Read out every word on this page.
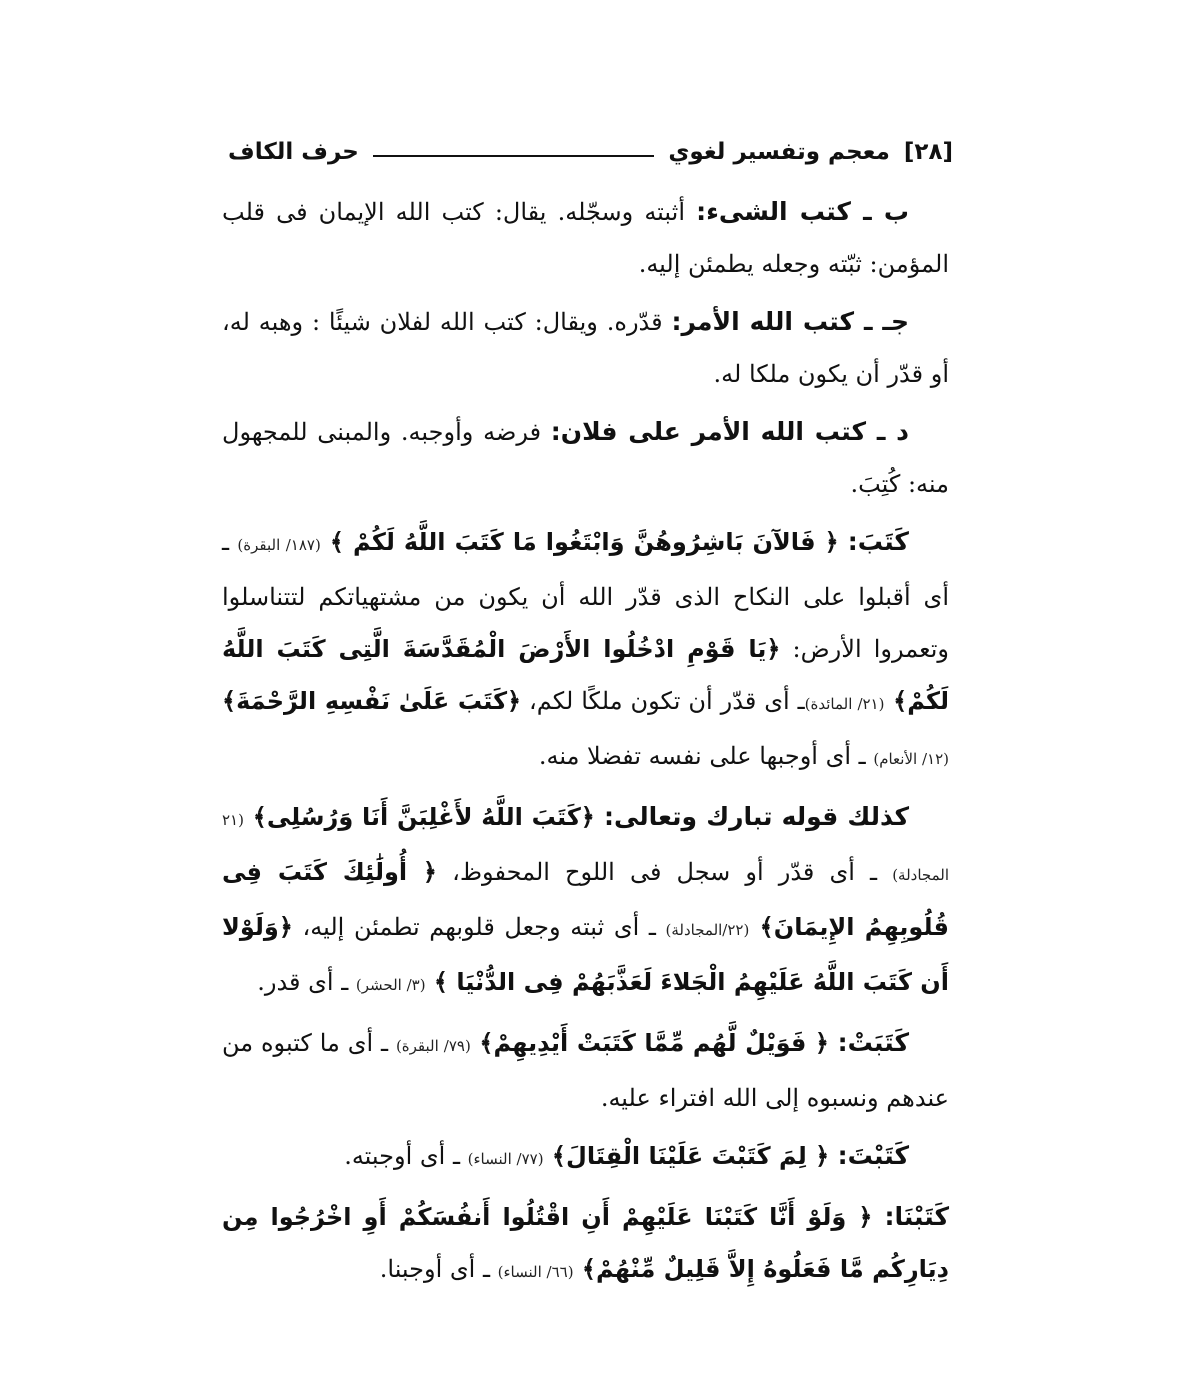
[٢٨]
معجم وتفسير لغوي
حرف الكاف

ب ـ كتب الشىء: أثبته وسجّله. يقال: كتب الله الإيمان فى قلب المؤمن: ثبّته وجعله يطمئن إليه.

جـ ـ كتب الله الأمر: قدّره. ويقال: كتب الله لفلان شيئًا : وهبه له، أو قدّر أن يكون ملكا له.

د ـ كتب الله الأمر على فلان: فرضه وأوجبه. والمبنى للمجهول منه: كُتِبَ.

كَتَبَ: ﴿ فَالآنَ بَاشِرُوهُنَّ وَابْتَغُوا مَا كَتَبَ اللَّهُ لَكُمْ ﴾ (١٨٧/ البقرة) ـ أى أقبلوا على النكاح الذى قدّر الله أن يكون من مشتهياتكم لتتناسلوا وتعمروا الأرض: ﴿يَا قَوْمِ ادْخُلُوا الأَرْضَ الْمُقَدَّسَةَ الَّتِى كَتَبَ اللَّهُ لَكُمْ﴾ (٢١/ المائدة)ـ أى قدّر أن تكون ملكًا لكم، ﴿كَتَبَ عَلَىٰ نَفْسِهِ الرَّحْمَةَ﴾ (١٢/ الأنعام) ـ أى أوجبها على نفسه تفضلا منه.

كذلك قوله تبارك وتعالى: ﴿كَتَبَ اللَّهُ لأَغْلِبَنَّ أَنَا وَرُسُلِى﴾ (٢١ المجادلة) ـ أى قدّر أو سجل فى اللوح المحفوظ، ﴿ أُولَٰئِكَ كَتَبَ فِى قُلُوبِهِمُ الإِيمَانَ﴾ (٢٢/المجادلة) ـ أى ثبته وجعل قلوبهم تطمئن إليه، ﴿وَلَوْلا أَن كَتَبَ اللَّهُ عَلَيْهِمُ الْجَلاءَ لَعَذَّبَهُمْ فِى الدُّنْيَا ﴾ (٣/ الحشر) ـ أى قدر.

كَتَبَتْ: ﴿ فَوَيْلٌ لَّهُم مِّمَّا كَتَبَتْ أَيْدِيهِمْ﴾ (٧٩/ البقرة) ـ أى ما كتبوه من عندهم ونسبوه إلى الله افتراء عليه.

كَتَبْتَ: ﴿ لِمَ كَتَبْتَ عَلَيْنَا الْقِتَالَ﴾ (٧٧/ النساء) ـ أى أوجبته.

كَتَبْنَا: ﴿ وَلَوْ أَنَّا كَتَبْنَا عَلَيْهِمْ أَنِ اقْتُلُوا أَنفُسَكُمْ أَوِ اخْرُجُوا مِن دِيَارِكُم مَّا فَعَلُوهُ إِلاَّ قَلِيلٌ مِّنْهُمْ﴾ (٦٦/ النساء) ـ أى أوجبنا.
